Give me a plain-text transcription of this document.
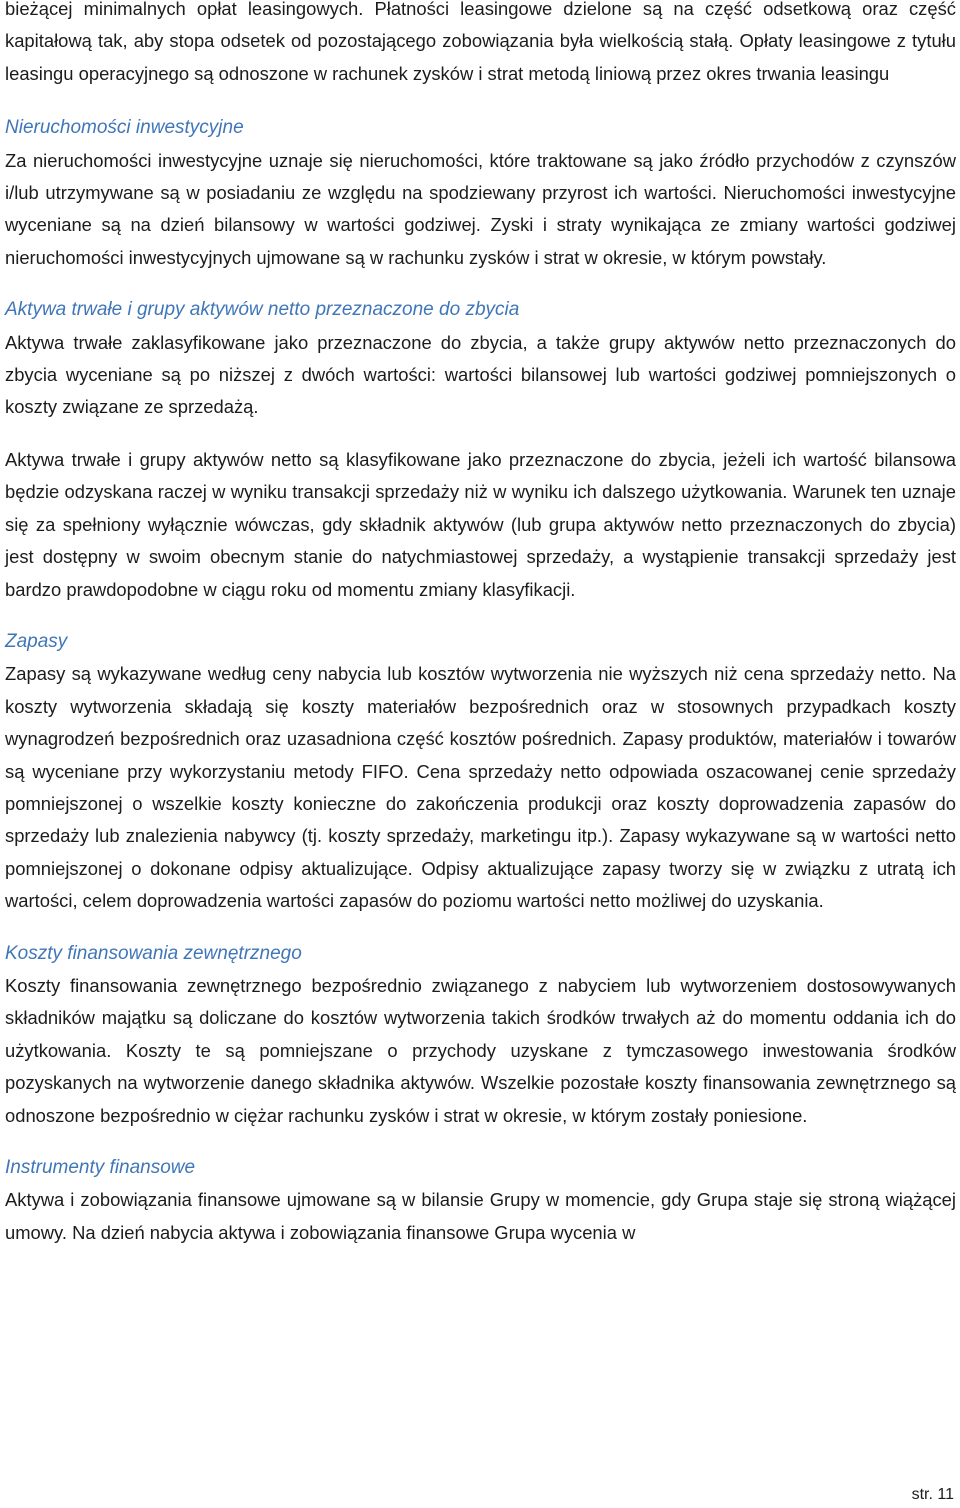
bieżącej minimalnych opłat leasingowych. Płatności leasingowe dzielone są na część odsetkową oraz część kapitałową tak, aby stopa odsetek od pozostającego zobowiązania była wielkością stałą. Opłaty leasingowe z tytułu leasingu operacyjnego są odnoszone w rachunek zysków i strat metodą liniową przez okres trwania leasingu

Nieruchomości inwestycyjne

Za nieruchomości inwestycyjne uznaje się nieruchomości, które traktowane są jako źródło przychodów z czynszów i/lub utrzymywane są w posiadaniu ze względu na spodziewany przyrost ich wartości. Nieruchomości inwestycyjne wyceniane są na dzień bilansowy w wartości godziwej. Zyski i straty wynikająca ze zmiany wartości godziwej nieruchomości inwestycyjnych ujmowane są w rachunku zysków i strat w okresie, w którym powstały.

Aktywa trwałe i grupy aktywów netto przeznaczone do zbycia

Aktywa trwałe zaklasyfikowane jako przeznaczone do zbycia, a także grupy aktywów netto przeznaczonych do zbycia wyceniane są po niższej z dwóch wartości: wartości bilansowej lub wartości godziwej pomniejszonych o koszty związane ze sprzedażą.

Aktywa trwałe i grupy aktywów netto są klasyfikowane jako przeznaczone do zbycia, jeżeli ich wartość bilansowa będzie odzyskana raczej w wyniku transakcji sprzedaży niż w wyniku ich dalszego użytkowania. Warunek ten uznaje się za spełniony wyłącznie wówczas, gdy składnik aktywów (lub grupa aktywów netto przeznaczonych do zbycia) jest dostępny w swoim obecnym stanie do natychmiastowej sprzedaży, a wystąpienie transakcji sprzedaży jest bardzo prawdopodobne w ciągu roku od momentu zmiany klasyfikacji.

Zapasy

Zapasy są wykazywane według ceny nabycia lub kosztów wytworzenia nie wyższych niż cena sprzedaży netto. Na koszty wytworzenia składają się koszty materiałów bezpośrednich oraz w stosownych przypadkach koszty wynagrodzeń bezpośrednich oraz uzasadniona część kosztów pośrednich. Zapasy produktów, materiałów i towarów są wyceniane przy wykorzystaniu metody FIFO. Cena sprzedaży netto odpowiada oszacowanej cenie sprzedaży pomniejszonej o wszelkie koszty konieczne do zakończenia produkcji oraz koszty doprowadzenia zapasów do sprzedaży lub znalezienia nabywcy (tj. koszty sprzedaży, marketingu itp.). Zapasy wykazywane są w wartości netto pomniejszonej o dokonane odpisy aktualizujące. Odpisy aktualizujące zapasy tworzy się w związku z utratą ich wartości, celem doprowadzenia wartości zapasów do poziomu wartości netto możliwej do uzyskania.

Koszty finansowania zewnętrznego

Koszty finansowania zewnętrznego bezpośrednio związanego z nabyciem lub wytworzeniem dostosowywanych składników majątku są doliczane do kosztów wytworzenia takich środków trwałych aż do momentu oddania ich do użytkowania. Koszty te są pomniejszane o przychody uzyskane z tymczasowego inwestowania środków pozyskanych na wytworzenie danego składnika aktywów. Wszelkie pozostałe koszty finansowania zewnętrznego są odnoszone bezpośrednio w ciężar rachunku zysków i strat w okresie, w którym zostały poniesione.

Instrumenty finansowe

Aktywa i zobowiązania finansowe ujmowane są w bilansie Grupy w momencie, gdy Grupa staje się stroną wiążącej umowy. Na dzień nabycia aktywa i zobowiązania finansowe Grupa wycenia w

str. 11
